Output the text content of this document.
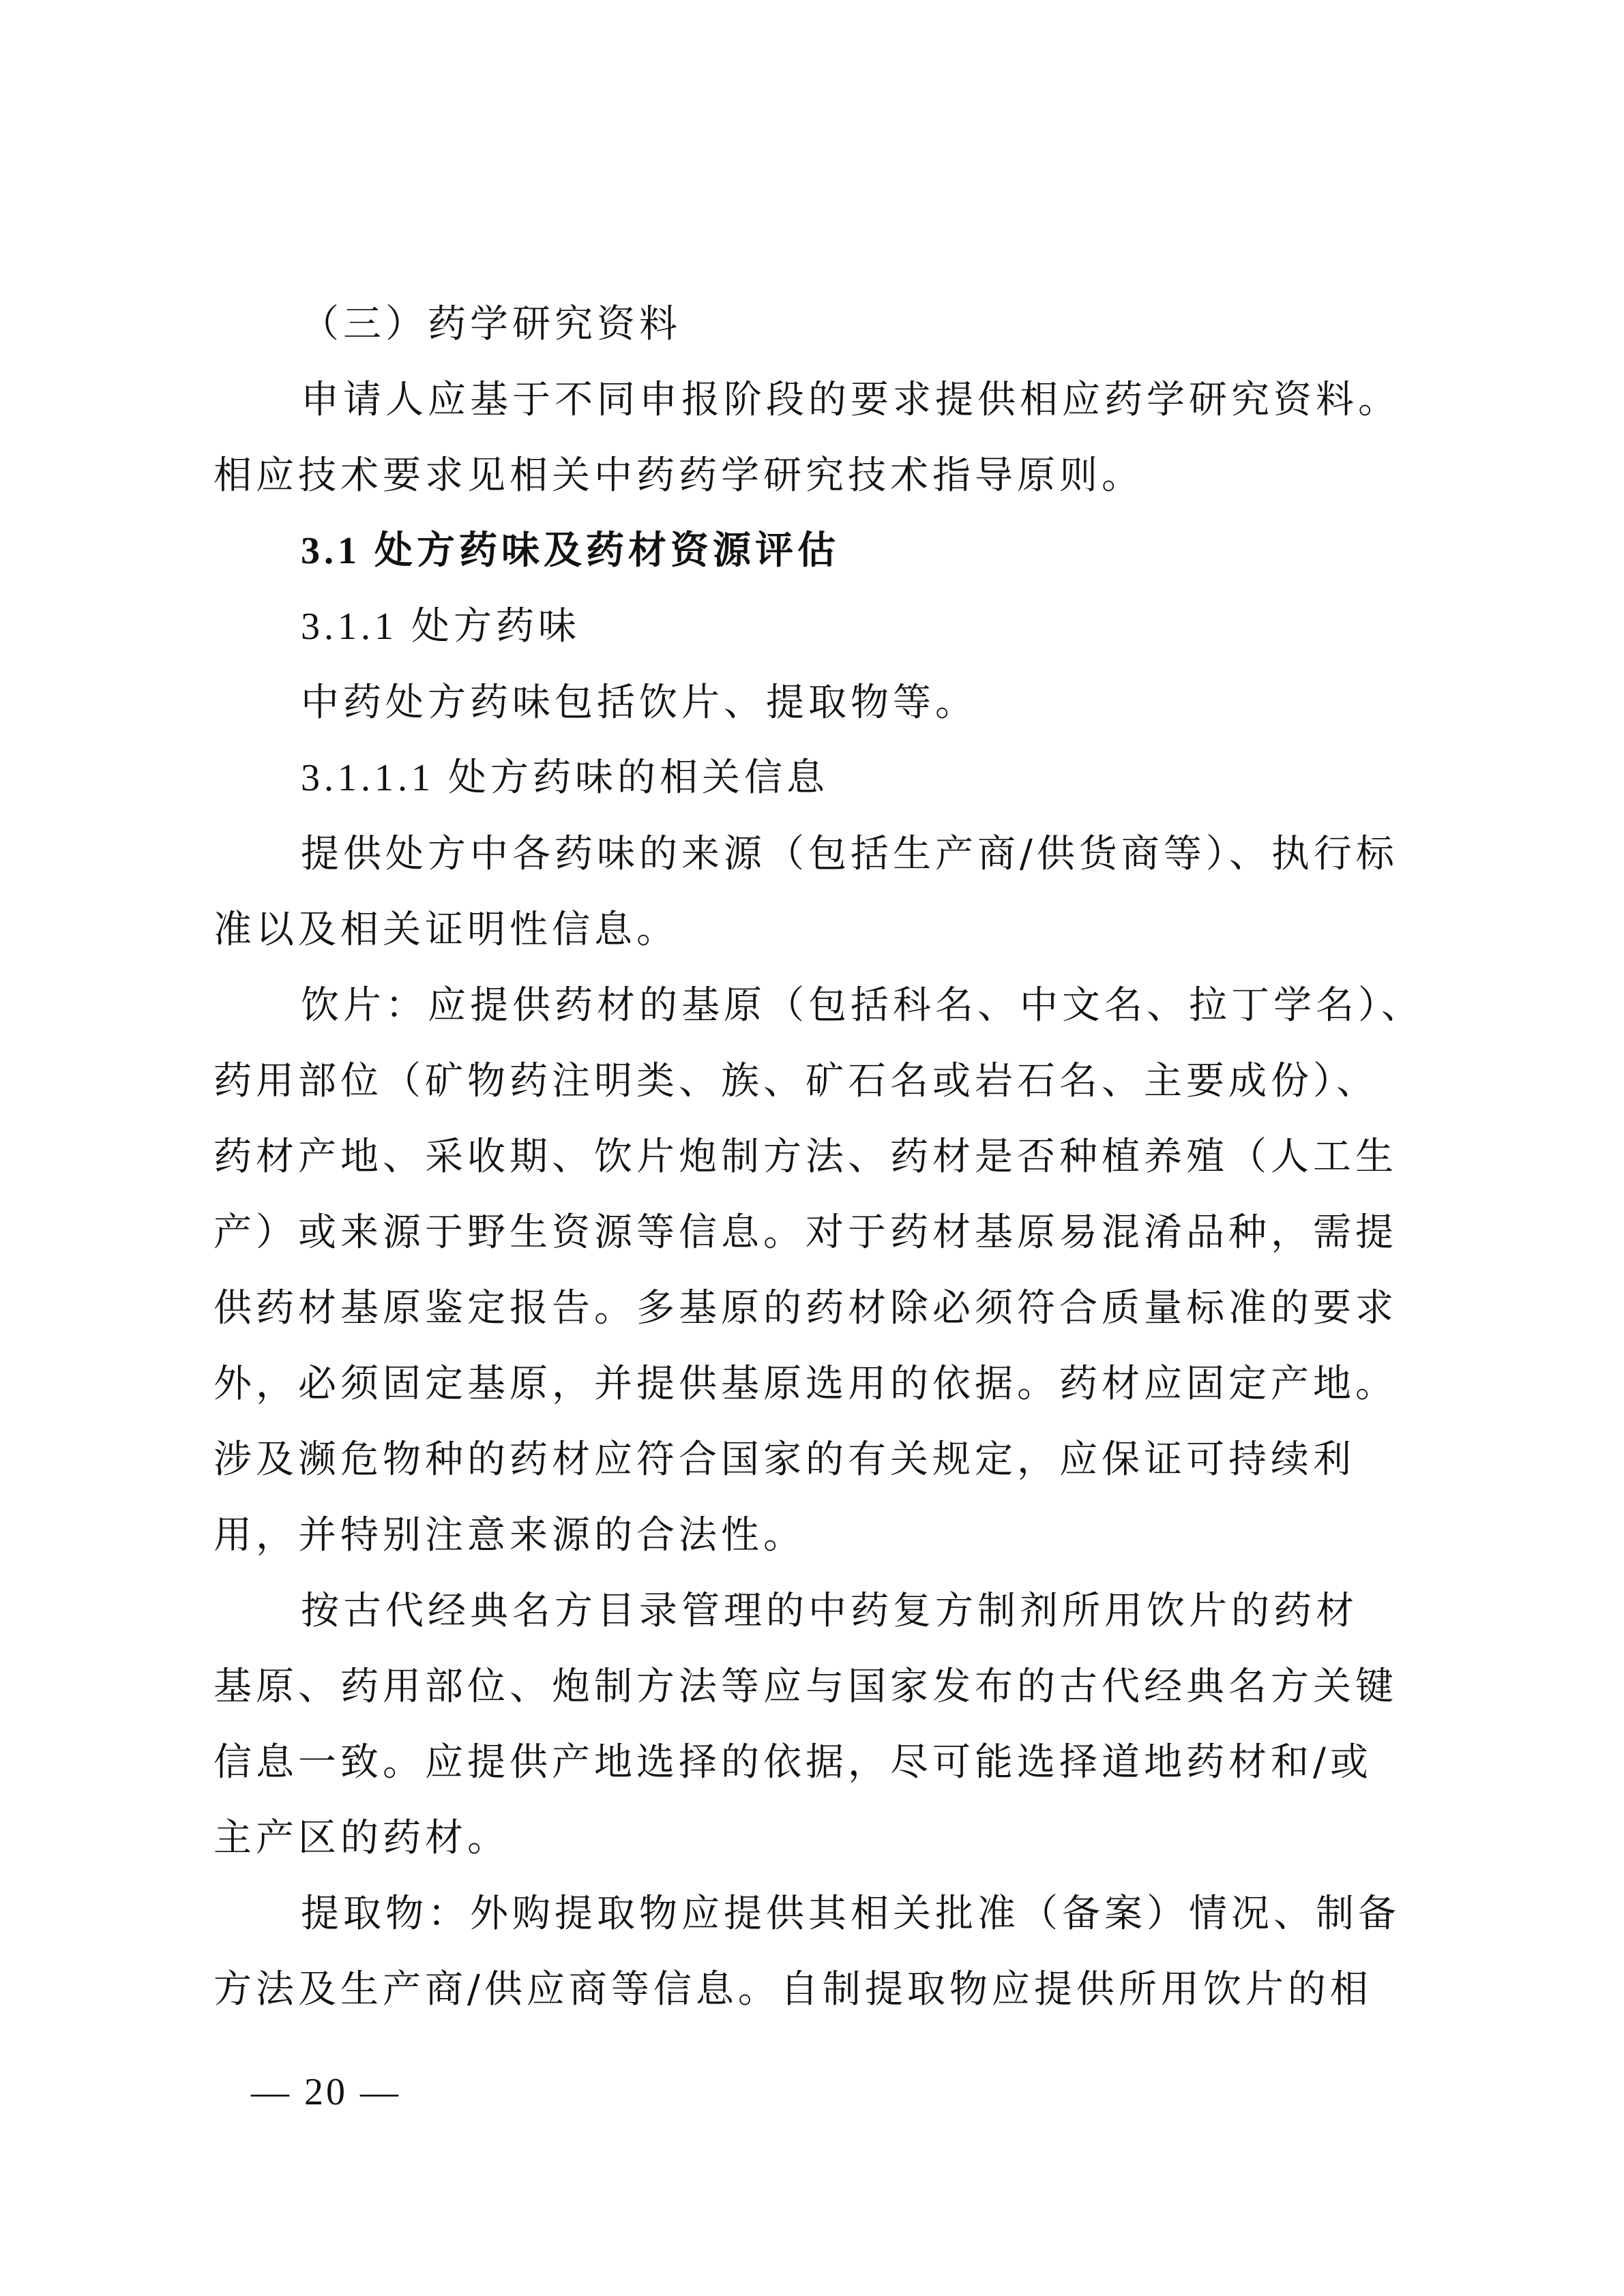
（三）药学研究资料
申请人应基于不同申报阶段的要求提供相应药学研究资料。
相应技术要求见相关中药药学研究技术指导原则。
3.1 处方药味及药材资源评估
3.1.1 处方药味
中药处方药味包括饮片、提取物等。
3.1.1.1 处方药味的相关信息
提供处方中各药味的来源（包括生产商/供货商等）、执行标
准以及相关证明性信息。
饮片：应提供药材的基原（包括科名、中文名、拉丁学名）、
药用部位（矿物药注明类、族、矿石名或岩石名、主要成份）、
药材产地、采收期、饮片炮制方法、药材是否种植养殖（人工生
产）或来源于野生资源等信息。对于药材基原易混淆品种，需提
供药材基原鉴定报告。多基原的药材除必须符合质量标准的要求
外，必须固定基原，并提供基原选用的依据。药材应固定产地。
涉及濒危物种的药材应符合国家的有关规定，应保证可持续利
用，并特别注意来源的合法性。
按古代经典名方目录管理的中药复方制剂所用饮片的药材
基原、药用部位、炮制方法等应与国家发布的古代经典名方关键
信息一致。应提供产地选择的依据，尽可能选择道地药材和/或
主产区的药材。
提取物：外购提取物应提供其相关批准（备案）情况、制备
方法及生产商/供应商等信息。自制提取物应提供所用饮片的相
— 20 —
